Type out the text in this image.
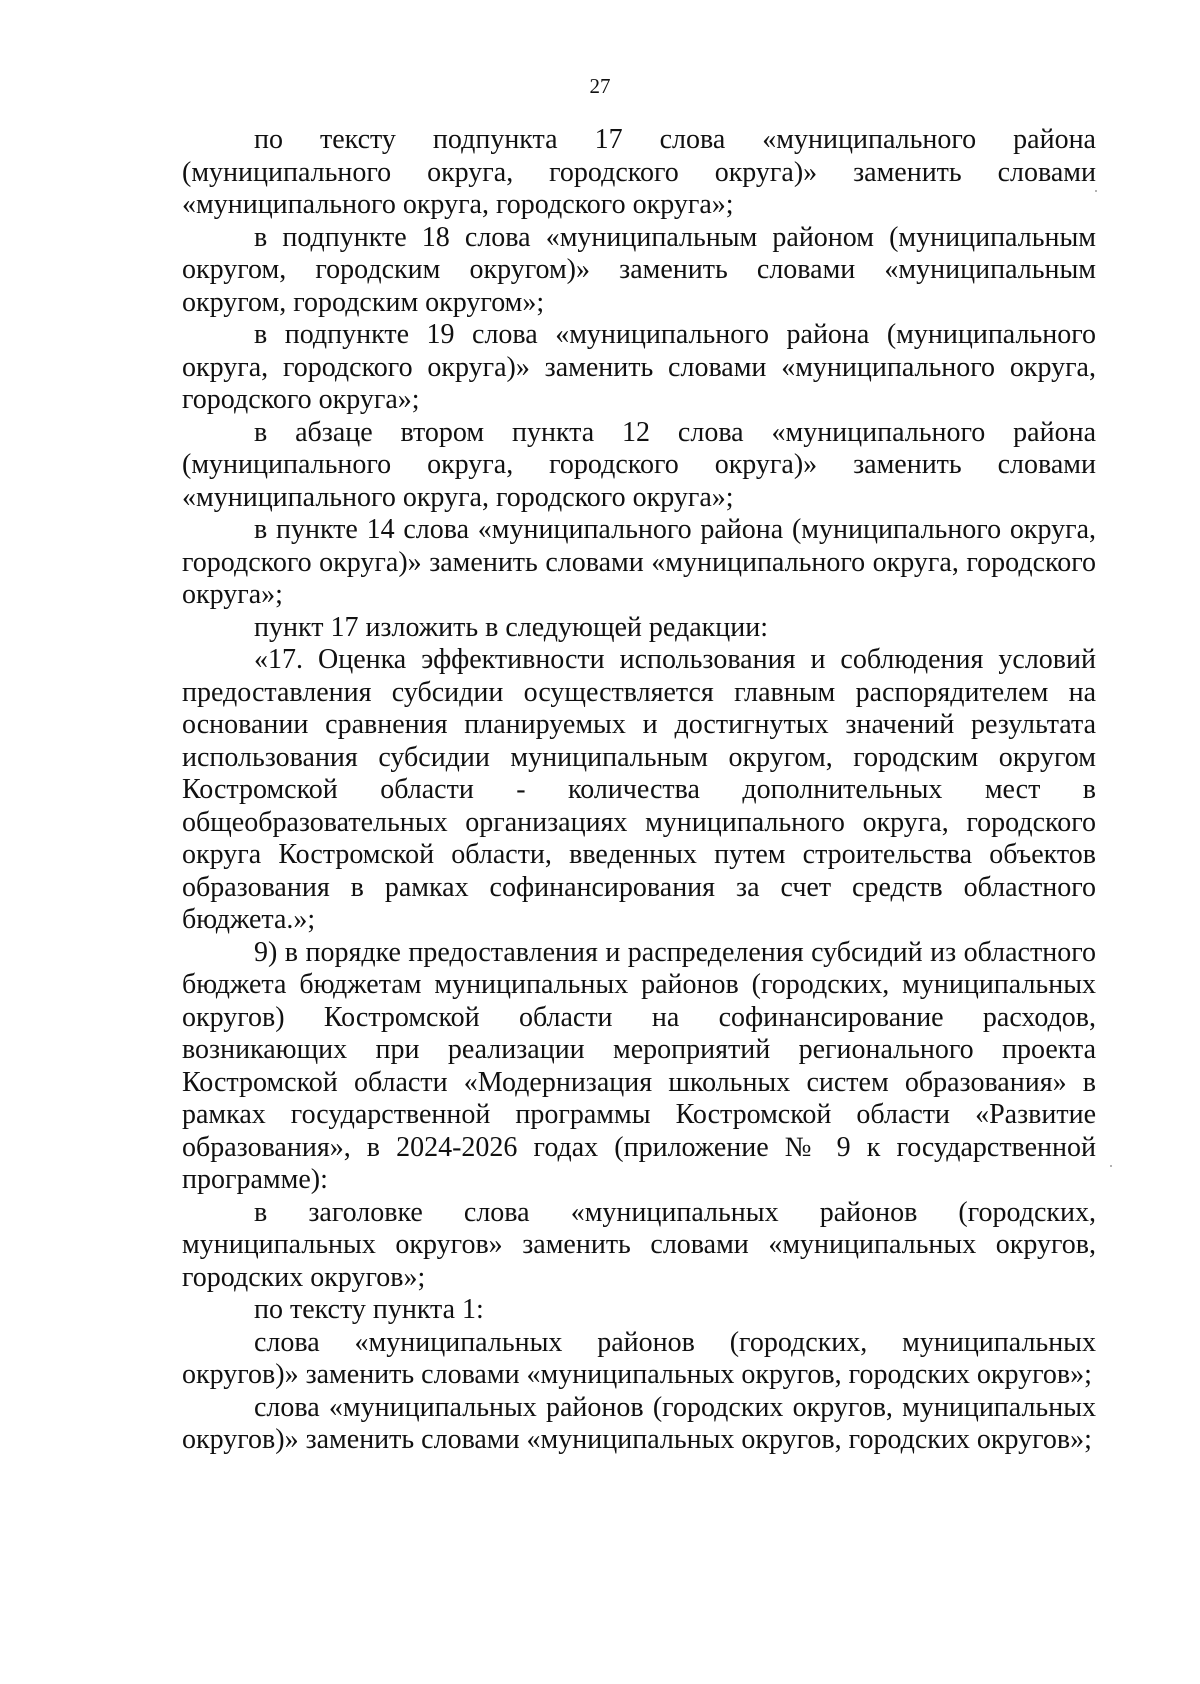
27

по тексту подпункта 17 слова «муниципального района (муниципального округа, городского округа)» заменить словами «муниципального округа, городского округа»;

в подпункте 18 слова «муниципальным районом (муниципальным округом, городским округом)» заменить словами «муниципальным округом, городским округом»;

в подпункте 19 слова «муниципального района (муниципального округа, городского округа)» заменить словами «муниципального округа, городского округа»;

в абзаце втором пункта 12 слова «муниципального района (муниципального округа, городского округа)» заменить словами «муниципального округа, городского округа»;

в пункте 14 слова «муниципального района (муниципального округа, городского округа)» заменить словами «муниципального округа, городского округа»;

пункт 17 изложить в следующей редакции:

«17. Оценка эффективности использования и соблюдения условий предоставления субсидии осуществляется главным распорядителем на основании сравнения планируемых и достигнутых значений результата использования субсидии муниципальным округом, городским округом Костромской области - количества дополнительных мест в общеобразовательных организациях муниципального округа, городского округа Костромской области, введенных путем строительства объектов образования в рамках софинансирования за счет средств областного бюджета.»;

9) в порядке предоставления и распределения субсидий из областного бюджета бюджетам муниципальных районов (городских, муниципальных округов) Костромской области на софинансирование расходов, возникающих при реализации мероприятий регионального проекта Костромской области «Модернизация школьных систем образования» в рамках государственной программы Костромской области «Развитие образования», в 2024-2026 годах (приложение № 9 к государственной программе):

в заголовке слова «муниципальных районов (городских, муниципальных округов» заменить словами «муниципальных округов, городских округов»;

по тексту пункта 1:

слова «муниципальных районов (городских, муниципальных округов)» заменить словами «муниципальных округов, городских округов»;

слова «муниципальных районов (городских округов, муниципальных округов)» заменить словами «муниципальных округов, городских округов»;
